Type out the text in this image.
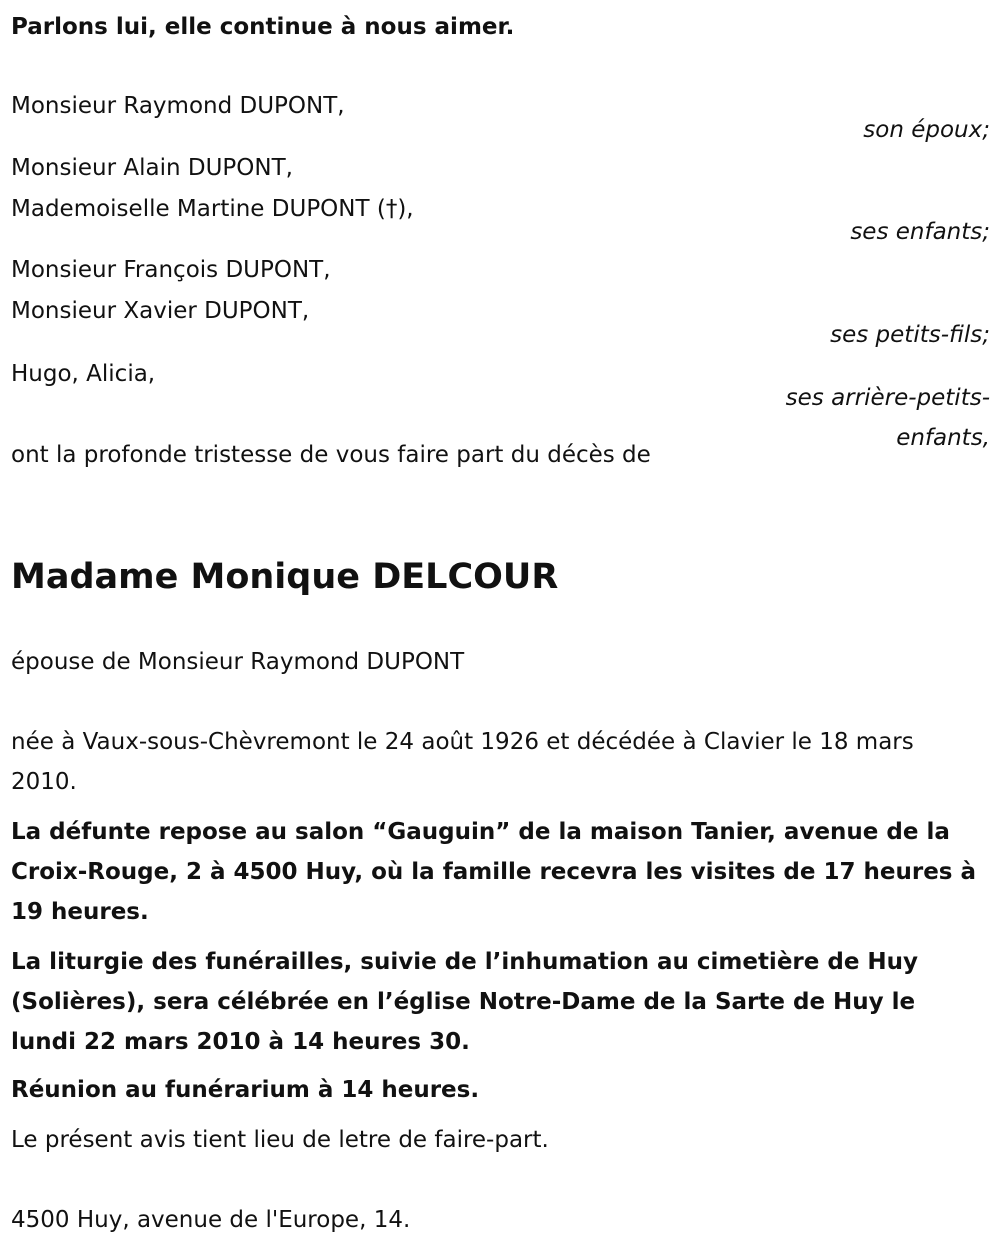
Parlons lui, elle continue à nous aimer.

Monsieur Raymond DUPONT,

son époux;

Monsieur Alain DUPONT,

Mademoiselle Martine DUPONT (†),

ses enfants;

Monsieur François DUPONT,

Monsieur Xavier DUPONT,

ses petits-fils;

Hugo, Alicia,

ses arrière-petits-

enfants,

ont la profonde tristesse de vous faire part du décès de

Madame Monique DELCOUR

épouse de Monsieur Raymond DUPONT

née à Vaux-sous-Chèvremont le 24 août 1926 et décédée à Clavier le 18 mars 2010.

La défunte repose au salon “Gauguin” de la maison Tanier, avenue de la Croix-Rouge, 2 à 4500 Huy, où la famille recevra les visites de 17 heures à 19 heures.

La liturgie des funérailles, suivie de l’inhumation au cimetière de Huy (Solières), sera célébrée en l’église Notre-Dame de la Sarte de Huy le lundi 22 mars 2010 à 14 heures 30.

Réunion au funérarium à 14 heures.

Le présent avis tient lieu de letre de faire-part.

4500 Huy, avenue de l'Europe, 14.
